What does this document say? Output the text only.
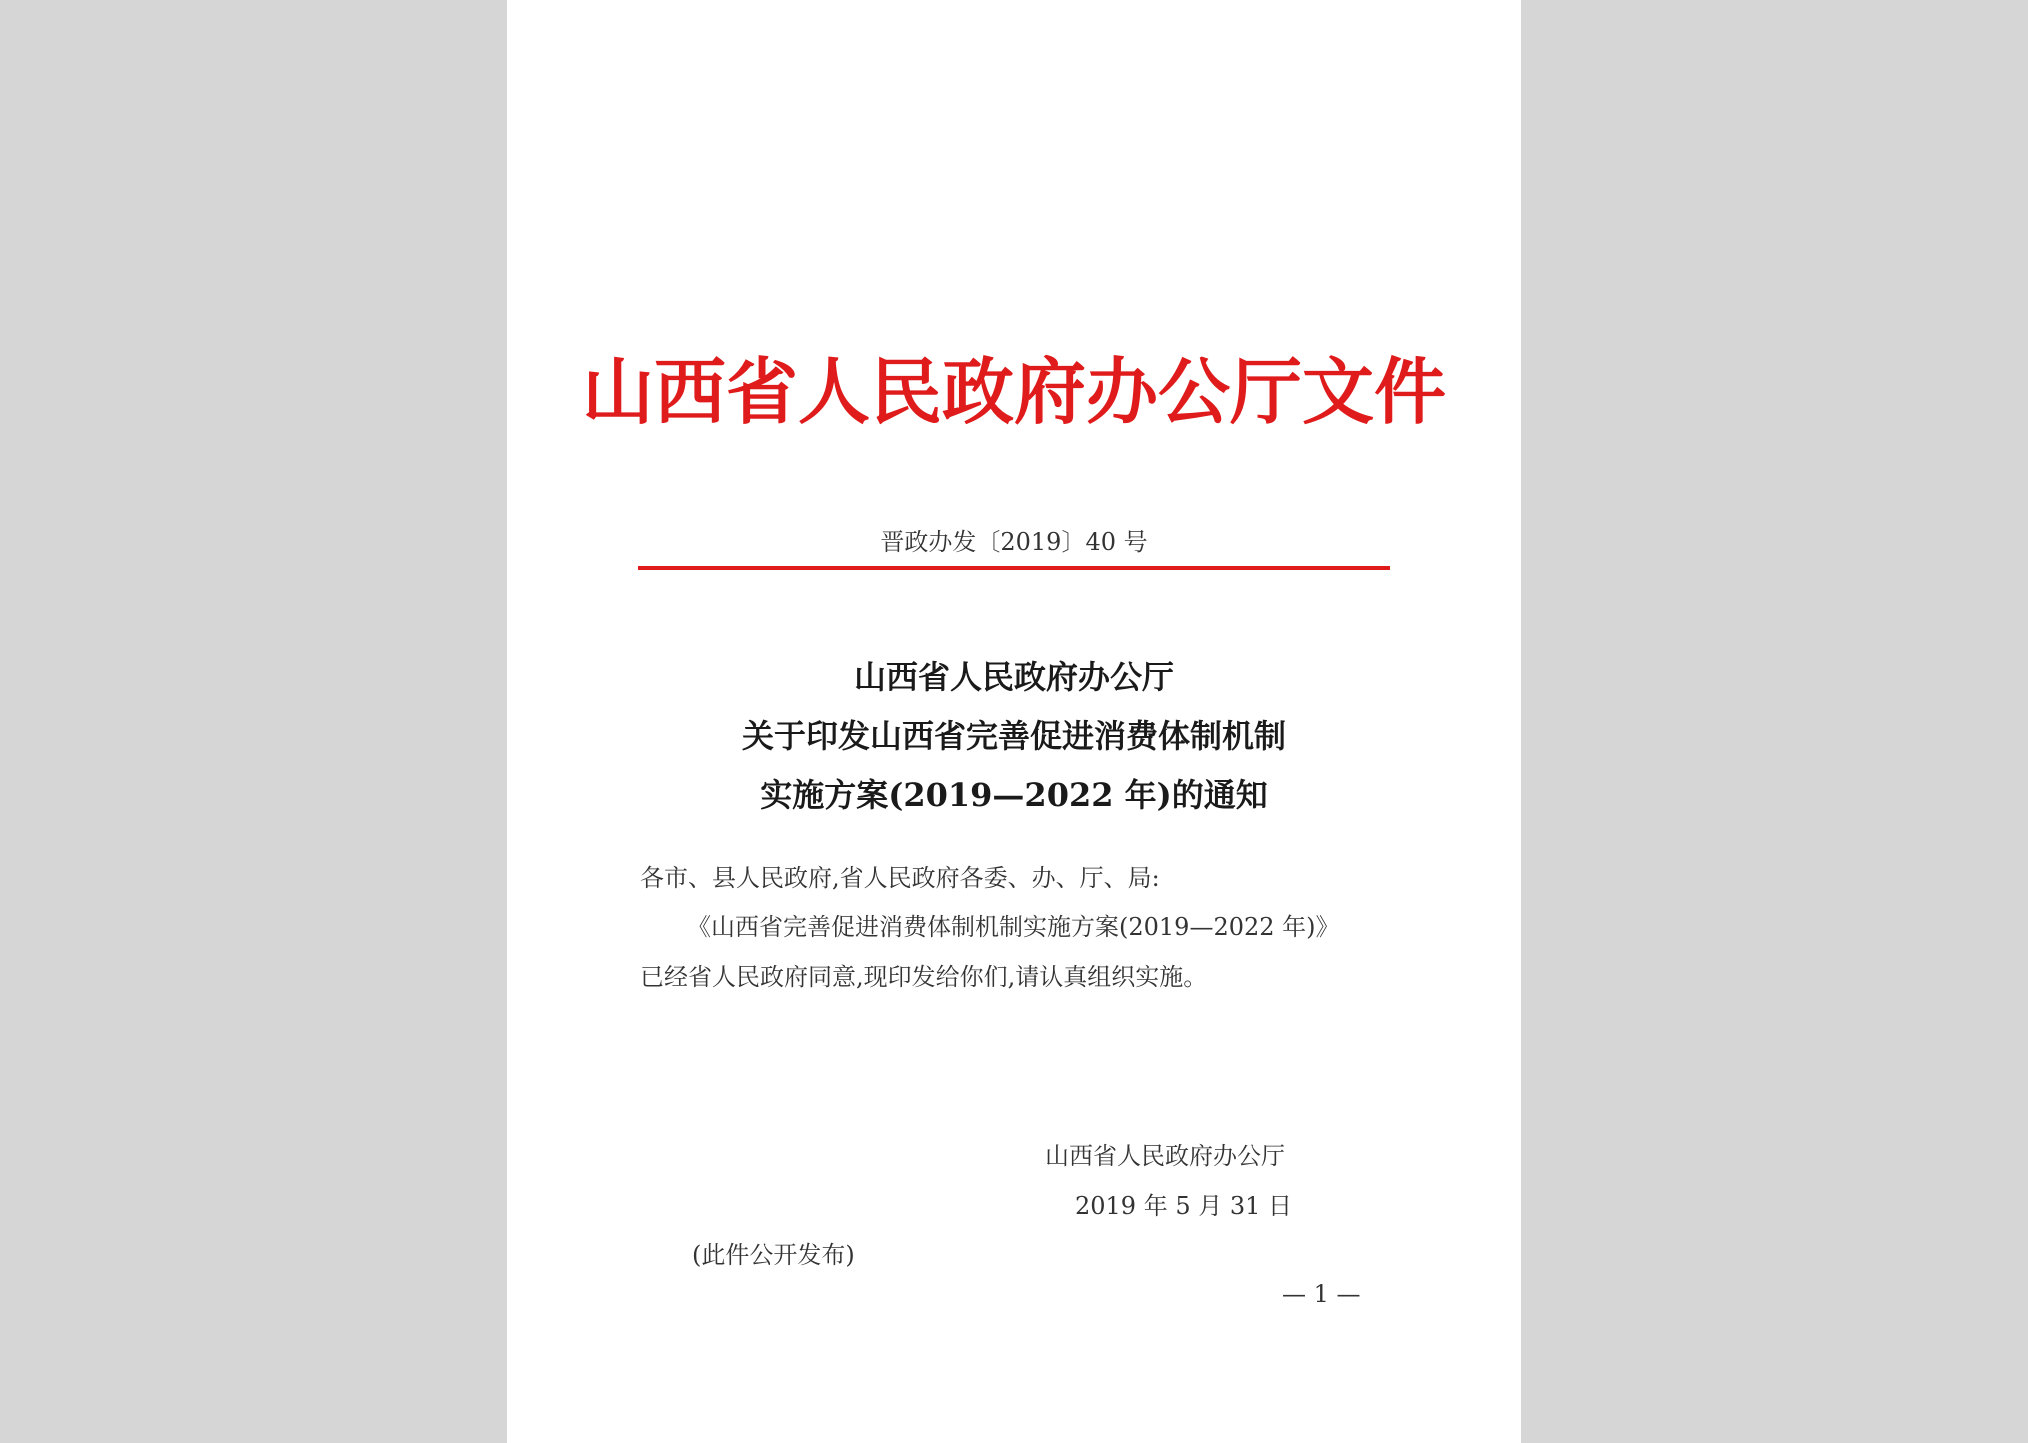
山西省人民政府办公厅文件
晋政办发〔2019〕40 号
山西省人民政府办公厅
关于印发山西省完善促进消费体制机制
实施方案(2019—2022 年)的通知
各市、县人民政府,省人民政府各委、办、厅、局:
《山西省完善促进消费体制机制实施方案(2019—2022 年)》
已经省人民政府同意,现印发给你们,请认真组织实施。
山西省人民政府办公厅
2019 年 5 月 31 日
(此件公开发布)
— 1 —
